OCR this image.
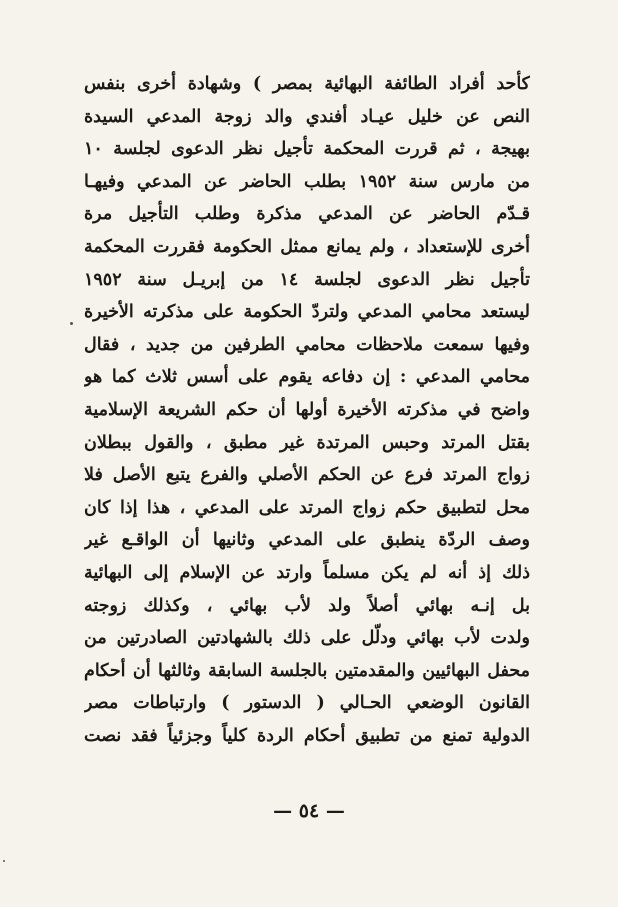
كأحد أفراد الطائفة البهائية بمصر ) وشهادة أخرى بنفس
النص عن خليل عيـاد أفندي والد زوجة المدعي السيدة
بهيجة ، ثم قررت المحكمة تأجيل نظر الدعوى لجلسة ١٠
من مارس سنة ١٩٥٢ بطلب الحاضر عن المدعي وفيهـا
قـدّم الحاضر عن المدعي مذكرة وطلب التأجيل مرة
أخرى للإستعداد ، ولم يمانع ممثل الحكومة فقررت المحكمة
تأجيل نظر الدعوى لجلسة ١٤ من إبريـل سنة ١٩٥٢
ليستعد محامي المدعي ولتردّ الحكومة على مذكرته الأخيرة
وفيها سمعت ملاحظات محامي الطرفين من جديد ، فقال
محامي المدعي : إن دفاعه يقوم على أسس ثلاث كما هو
واضح في مذكرته الأخيرة أولها أن حكم الشريعة الإسلامية
بقتل المرتد وحبس المرتدة غير مطبق ، والقول ببطلان
زواج المرتد فرع عن الحكم الأصلي والفرع يتبع الأصل فلا
محل لتطبيق حكم زواج المرتد على المدعي ، هذا إذا كان
وصف الردّة ينطبق على المدعي وثانيها أن الواقـع غير
ذلك إذ أنه لم يكن مسلماً وارتد عن الإسلام إلى البهائية
بل إنـه بهائي أصلاً ولد لأب بهائي ، وكذلك زوجته
ولدت لأب بهائي ودلّل على ذلك بالشهادتين الصادرتين من
محفل البهائيين والمقدمتين بالجلسة السابقة وثالثها أن أحكام
القانون الوضعي الحـالي ( الدستور ) وارتباطات مصر
الدولية تمنع من تطبيق أحكام الردة كلياً وجزئياً فقد نصت
— ٥٤ —
